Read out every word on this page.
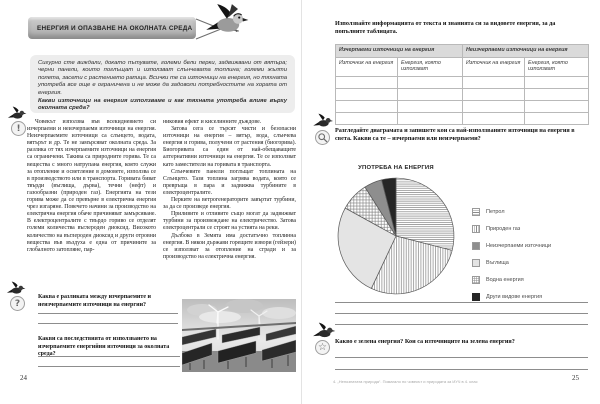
ЕНЕРГИЯ И ОПАЗВАНЕ НА ОКОЛНАТА СРЕДА
Сигурно сте виждали, докато пътувате, големи бели перки, задвижвани от вятъра; черни панели, които поглъщат и използват слънчевата топлина; големи жълти полета, засети с растението рапица. Всички те са източници на енергия, но тяхната употреба все още е ограничена и не може да задоволи потребностите на хората от енергия.
Какви източници на енергия използваме и как тяхната употреба влияе върху околната среда?
!

Човекът използва във всекидневието си изчерпаеми и неизчерпаеми източници на енергия. Неизчерпаемите източници са слънцето, водата, вятърът и др. Те не замърсяват околната среда. За разлика от тях изчерпаемите източници на енергия са ограничени. Такива са природните горива. Те са вещества с много натрупана енергия, която служи за отопление и осветление в домовете, използва се в производството или в транспорта. Горивата биват твърди (въглища, дърва), течни (нефт) и газообразни (природен газ). Енергията на тези горива може да се превърне в електрична енергия чрез изгаряне. Повечето начини за производство на електрична енергия обаче причиняват замърсяване. В електроцентралите с твърдо гориво се отделят големи количества въглероден диоксид. Високото количество на въглероден диоксид и други отровни вещества във въздуха е една от причините за глобалното затопляне, пар-

никовия ефект и киселинните дъждове.

Затова сега се търсят чисти и безопасни източници на енергия – вятър, вода, слънчева енергия и горива, получени от растения (биогорива). Биогоривата са един от най-обещаващите алтернативни източници на енергия. Те се използват като заместители на горивата в транспорта.

Слънчевите панели поглъщат топлината на Слънцето. Тази топлина загрява водата, която се превръща в пара и задвижва турбините в електроцентралите.

Перките на ветрогенераторите завъртат турбини, за да се произведе енергия.

Приливите и отливите също могат да задвижват турбини за произвеждане на електричество. Затова електроцентрали се строят на устията на реки.

Дълбоко в Земята има достатъчно топлинна енергия. В някои държави горещите извори (гейзери) се използват за отопление на сгради и за производство на електрична енергия.

?
Каква е разликата между изчерпаемите и неизчерпаемите източници на енергии?
Какви са последствията от използването на изчерпаемите енергийни източници за околната среда?
24
Използвайте информацията от текста и знанията си за видовете енергия, за да попълните таблицата.
Изчерпаеми източници на енергия		Неизчерпаеми източници на енергия	
Източник на енергия	Енергия, която използват	Източник на енергия	Енергия, която използват

Разгледайте диаграмата и запишете кои са най-използваните източници на енергия в света. Какви са те – изчерпаеми или неизчерпаеми?
УПОТРЕБА НА ЕНЕРГИЯ
Петрол
Природен газ
Неизчерпаеми източници
Въглища
Водна енергия
Други видове енергия
☆ Какво е зелена енергия? Кои са източниците на зелена енергия?
4. „Непознатата природа“. Помагало по човекът и природата за ИУЧ в 4. клас	25
